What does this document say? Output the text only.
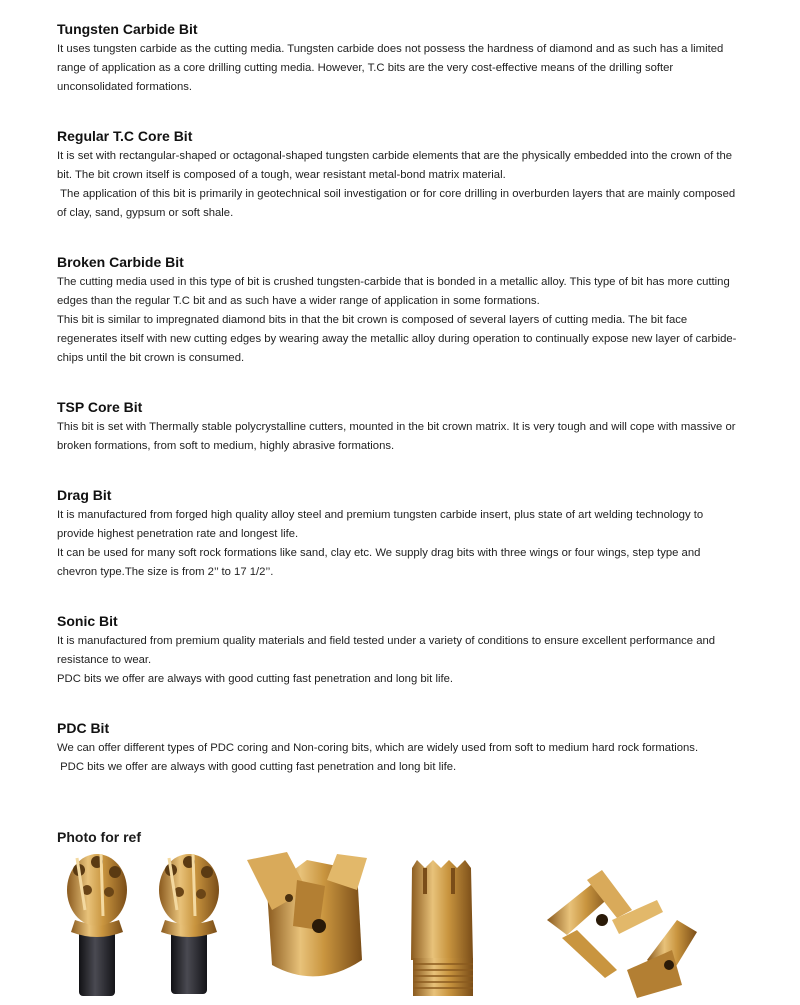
Tungsten Carbide Bit

It uses tungsten carbide as the cutting media. Tungsten carbide does not possess the hardness of diamond and as such has a limited range of application as a core drilling cutting media. However, T.C bits are the very cost-effective means of the drilling softer unconsolidated formations.

Regular T.C Core Bit

It is set with rectangular-shaped or octagonal-shaped tungsten carbide elements that are the physically embedded into the crown of the bit. The bit crown itself is composed of a tough, wear resistant metal-bond matrix material.

The application of this bit is primarily in geotechnical soil investigation or for core drilling in overburden layers that are mainly composed of clay, sand, gypsum or soft shale.

Broken Carbide Bit

The cutting media used in this type of bit is crushed tungsten-carbide that is bonded in a metallic alloy. This type of bit has more cutting edges than the regular T.C bit and as such have a wider range of application in some formations.

This bit is similar to impregnated diamond bits in that the bit crown is composed of several layers of cutting media. The bit face regenerates itself with new cutting edges by wearing away the metallic alloy during operation to continually expose new layer of carbide-chips until the bit crown is consumed.

TSP Core Bit

This bit is set with Thermally stable polycrystalline cutters, mounted in the bit crown matrix. It is very tough and will cope with massive or broken formations, from soft to medium, highly abrasive formations.

Drag Bit

It is manufactured from forged high quality alloy steel and premium tungsten carbide insert, plus state of art welding technology to provide highest penetration rate and longest life.

It can be used for many soft rock formations like sand, clay etc. We supply drag bits with three wings or four wings, step type and chevron type.The size is from 2’’ to 17 1/2’’.

Sonic Bit

It is manufactured from premium quality materials and field tested under a variety of conditions to ensure excellent performance and resistance to wear.

PDC bits we offer are always with good cutting fast penetration and long bit life.

PDC Bit

We can offer different types of PDC coring and Non-coring bits, which are widely used from soft to medium hard rock formations.

PDC bits we offer are always with good cutting fast penetration and long bit life.

Photo for ref
